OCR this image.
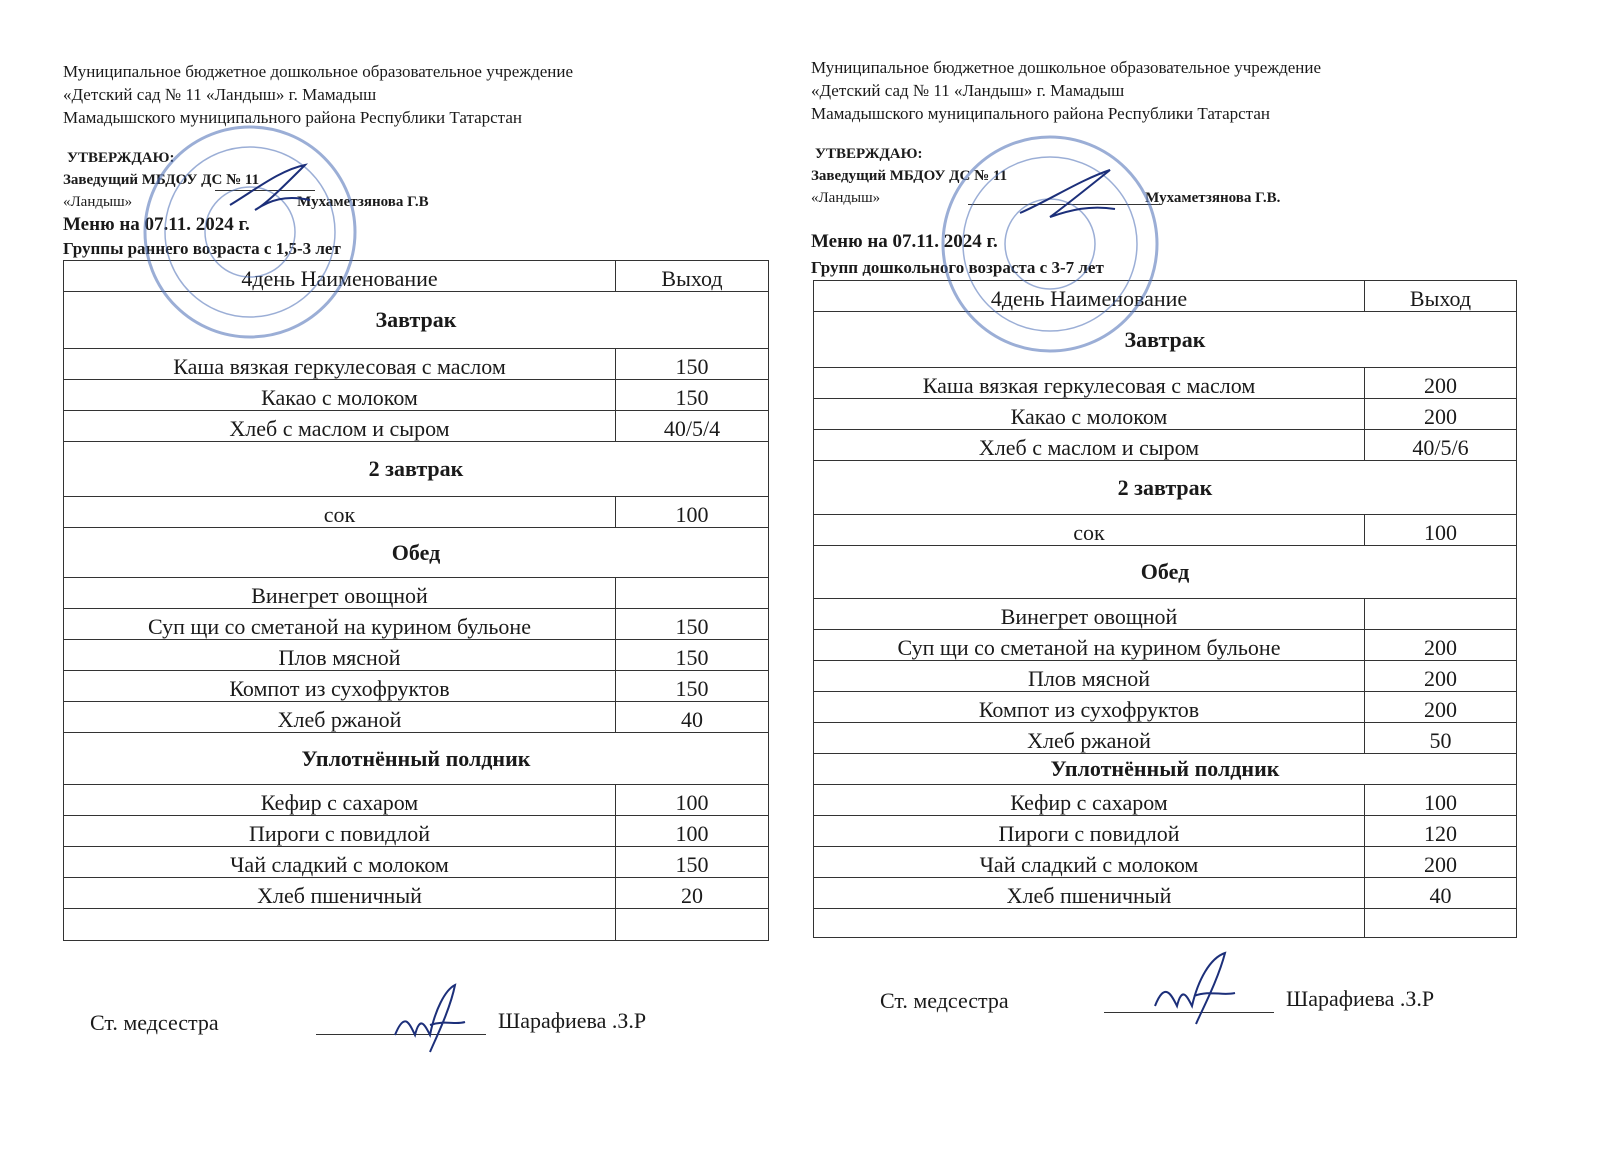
Муниципальное бюджетное дошкольное образовательное учреждение
«Детский сад № 11 «Ландыш» г. Мамадыш
Мамадышского муниципального района Республики Татарстан
УТВЕРЖДАЮ:
Заведущий МБДОУ ДС № 11
«Ландыш»	Мухаметзянова Г.В
Меню на 07.11. 2024 г.
Группы раннего возраста с 1,5-3 лет
4день Наименование	Выход
Завтрак	
Каша вязкая геркулесовая с маслом	150
Какао с молоком	150
Хлеб с маслом и сыром	40/5/4
2 завтрак	
сок	100
Обед	
Винегрет овощной	
Суп щи со сметаной на курином бульоне	150
Плов мясной	150
Компот из сухофруктов	150
Хлеб ржаной	40
Уплотнённый полдник	
Кефир с сахаром	100
Пироги с повидлой	100
Чай сладкий с молоком	150
Хлеб пшеничный	20

Ст. медсестра	Шарафиева .З.Р
Муниципальное бюджетное дошкольное образовательное учреждение
«Детский сад № 11 «Ландыш» г. Мамадыш
Мамадышского муниципального района Республики Татарстан
УТВЕРЖДАЮ:
Заведущий МБДОУ ДС № 11
«Ландыш»	Мухаметзянова Г.В.
Меню на 07.11. 2024 г.
Групп дошкольного возраста с 3-7 лет
4день Наименование	Выход
Завтрак	
Каша вязкая геркулесовая с маслом	200
Какао с молоком	200
Хлеб с маслом и сыром	40/5/6
2 завтрак	
сок	100
Обед	
Винегрет овощной	
Суп щи со сметаной на курином бульоне	200
Плов мясной	200
Компот из сухофруктов	200
Хлеб ржаной	50
Уплотнённый полдник	
Кефир с сахаром	100
Пироги с повидлой	120
Чай сладкий с молоком	200
Хлеб пшеничный	40

Ст. медсестра	Шарафиева .З.Р
